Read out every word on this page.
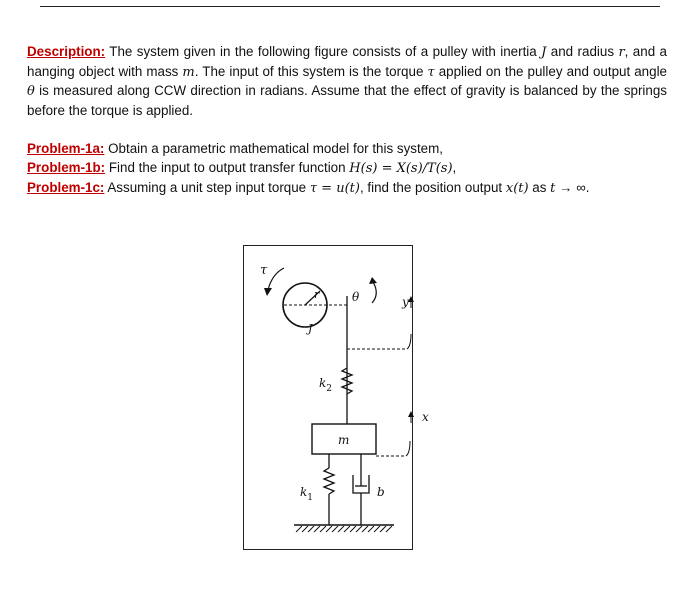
Description: The system given in the following figure consists of a pulley with inertia J and radius r, and a hanging object with mass m. The input of this system is the torque τ applied on the pulley and output angle θ is measured along CCW direction in radians. Assume that the effect of gravity is balanced by the springs before the torque is applied.

Problem-1a: Obtain a parametric mathematical model for this system,

Problem-1b: Find the input to output transfer function H(s) = X(s)/T(s),

Problem-1c: Assuming a unit step input torque τ = u(t), find the position output x(t) as t → ∞.

τ
r
J
θ	y
$k_2$
m
x
$k_1$	b
